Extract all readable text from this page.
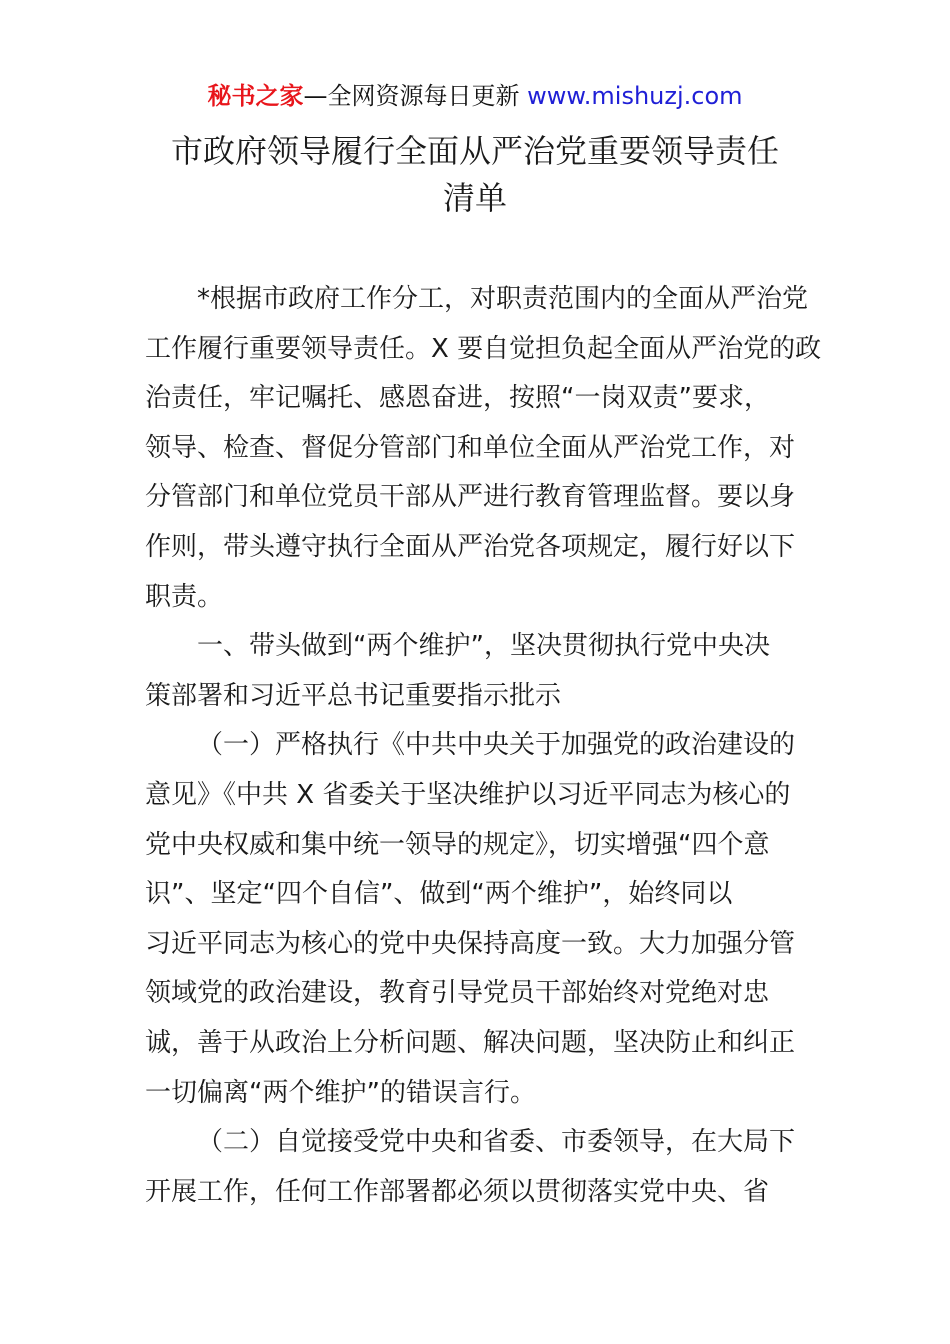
秘书之家—全网资源每日更新 www.mishuzj.com
市政府领导履行全面从严治党重要领导责任
清单
*根据市政府工作分工，对职责范围内的全面从严治党
工作履行重要领导责任。X 要自觉担负起全面从严治党的政
治责任，牢记嘱托、感恩奋进，按照“一岗双责”要求，
领导、检查、督促分管部门和单位全面从严治党工作，对
分管部门和单位党员干部从严进行教育管理监督。要以身
作则，带头遵守执行全面从严治党各项规定，履行好以下
职责。
一、带头做到“两个维护”，坚决贯彻执行党中央决
策部署和习近平总书记重要指示批示
（一）严格执行《中共中央关于加强党的政治建设的
意见》《中共 X 省委关于坚决维护以习近平同志为核心的
党中央权威和集中统一领导的规定》，切实增强“四个意
识”、坚定“四个自信”、做到“两个维护”，始终同以
习近平同志为核心的党中央保持高度一致。大力加强分管
领域党的政治建设，教育引导党员干部始终对党绝对忠
诚，善于从政治上分析问题、解决问题，坚决防止和纠正
一切偏离“两个维护”的错误言行。
（二）自觉接受党中央和省委、市委领导，在大局下
开展工作，任何工作部署都必须以贯彻落实党中央、省
